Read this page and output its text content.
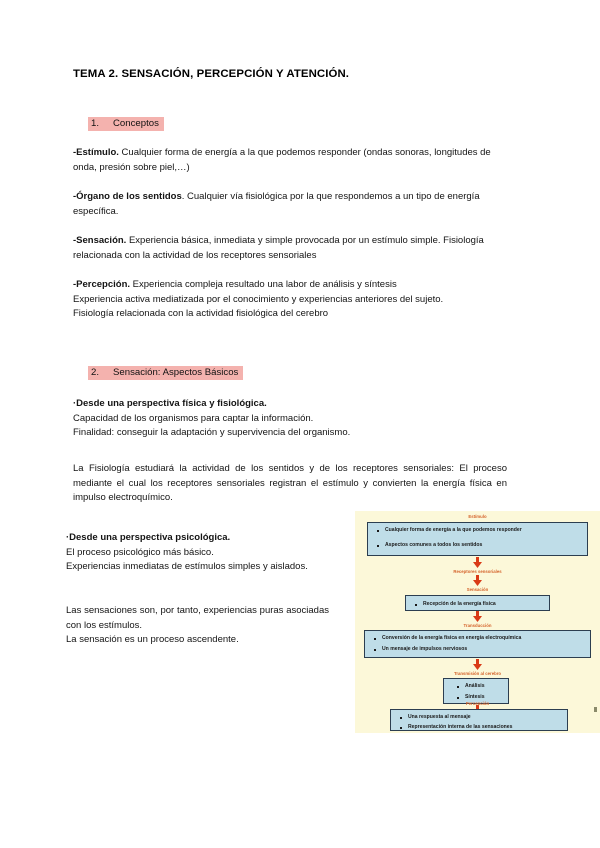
TEMA 2. SENSACIÓN, PERCEPCIÓN Y ATENCIÓN.
1. Conceptos
-Estímulo. Cualquier forma de energía a la que podemos responder (ondas sonoras, longitudes de onda, presión sobre piel,…)
-Órgano de los sentidos. Cualquier vía fisiológica por la que respondemos a un tipo de energía específica.
-Sensación. Experiencia básica, inmediata y simple provocada por un estímulo simple. Fisiología relacionada con la actividad de los receptores sensoriales
-Percepción. Experiencia compleja resultado una labor de análisis y síntesis
Experiencia activa mediatizada por el conocimiento y experiencias anteriores del sujeto.
Fisiología relacionada con la actividad fisiológica del cerebro
2. Sensación: Aspectos Básicos
·Desde una perspectiva física y fisiológica.
Capacidad de los organismos para captar la información.
Finalidad: conseguir la adaptación y supervivencia del organismo.
La Fisiología estudiará la actividad de los sentidos y de los receptores sensoriales: El proceso mediante el cual los receptores sensoriales registran el estímulo y convierten la energía física en impulso electroquímico.
·Desde una perspectiva psicológica.
El proceso psicológico más básico.
Experiencias inmediatas de estímulos simples y aislados.
Las sensaciones son, por tanto, experiencias puras asociadas con los estímulos.
La sensación es un proceso ascendente.
Estímulo
Cualquier forma de energía a la que podemos responder
Aspectos comunes a todos los sentidos
Receptores sensoriales
Sensación
Recepción de la energía física
Transducción
Conversión de la energía física en energía electroquímica
Un mensaje de impulsos nerviosos
Transmisión al cerebro
Análisis
Síntesis
Percepción
Una respuesta al mensaje
Representación interna de las sensaciones
